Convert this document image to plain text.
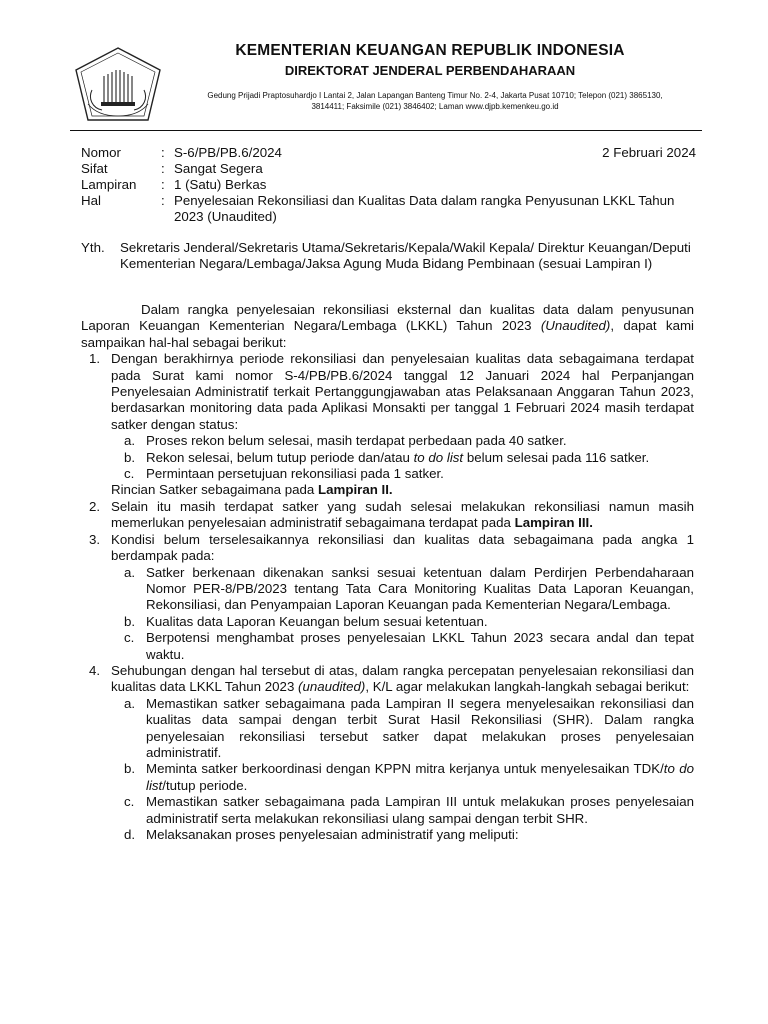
KEMENTERIAN KEUANGAN REPUBLIK INDONESIA
DIREKTORAT JENDERAL PERBENDAHARAAN
Gedung Prijadi Praptosuhardjo I Lantai 2, Jalan Lapangan Banteng Timur No. 2-4, Jakarta Pusat 10710; Telepon (021) 3865130,
3814411; Faksimile (021) 3846402; Laman www.djpb.kemenkeu.go.id
Nomor	: S-6/PB/PB.6/2024	2 Februari 2024
Sifat	: Sangat Segera
Lampiran : 1 (Satu) Berkas
Hal	: Penyelesaian Rekonsiliasi dan Kualitas Data dalam rangka Penyusunan LKKL Tahun 2023 (Unaudited)
Yth. Sekretaris Jenderal/Sekretaris Utama/Sekretaris/Kepala/Wakil Kepala/ Direktur Keuangan/Deputi Kementerian Negara/Lembaga/Jaksa Agung Muda Bidang Pembinaan (sesuai Lampiran I)

Dalam rangka penyelesaian rekonsiliasi eksternal dan kualitas data dalam penyusunan Laporan Keuangan Kementerian Negara/Lembaga (LKKL) Tahun 2023 (Unaudited), dapat kami sampaikan hal-hal sebagai berikut:

1. Dengan berakhirnya periode rekonsiliasi dan penyelesaian kualitas data sebagaimana terdapat pada Surat kami nomor S-4/PB/PB.6/2024 tanggal 12 Januari 2024 hal Perpanjangan Penyelesaian Administratif terkait Pertanggungjawaban atas Pelaksanaan Anggaran Tahun 2023, berdasarkan monitoring data pada Aplikasi Monsakti per tanggal 1 Februari 2024 masih terdapat satker dengan status:

a. Proses rekon belum selesai, masih terdapat perbedaan pada 40 satker.
b. Rekon selesai, belum tutup periode dan/atau to do list belum selesai pada 116 satker.
c. Permintaan persetujuan rekonsiliasi pada 1 satker.

Rincian Satker sebagaimana pada Lampiran II.

2. Selain itu masih terdapat satker yang sudah selesai melakukan rekonsiliasi namun masih memerlukan penyelesaian administratif sebagaimana terdapat pada Lampiran III.

3. Kondisi belum terselesaikannya rekonsiliasi dan kualitas data sebagaimana pada angka 1 berdampak pada:

a. Satker berkenaan dikenakan sanksi sesuai ketentuan dalam Perdirjen Perbendaharaan Nomor PER-8/PB/2023 tentang Tata Cara Monitoring Kualitas Data Laporan Keuangan, Rekonsiliasi, dan Penyampaian Laporan Keuangan pada Kementerian Negara/Lembaga.
b. Kualitas data Laporan Keuangan belum sesuai ketentuan.
c. Berpotensi menghambat proses penyelesaian LKKL Tahun 2023 secara andal dan tepat waktu.
4. Sehubungan dengan hal tersebut di atas, dalam rangka percepatan penyelesaian rekonsiliasi dan kualitas data LKKL Tahun 2023 (unaudited), K/L agar melakukan langkah-langkah sebagai berikut:

a. Memastikan satker sebagaimana pada Lampiran II segera menyelesaikan rekonsiliasi dan kualitas data sampai dengan terbit Surat Hasil Rekonsiliasi (SHR). Dalam rangka penyelesaian rekonsiliasi tersebut satker dapat melakukan proses penyelesaian administratif.
b. Meminta satker berkoordinasi dengan KPPN mitra kerjanya untuk menyelesaikan TDK/to do list/tutup periode.
c. Memastikan satker sebagaimana pada Lampiran III untuk melakukan proses penyelesaian administratif serta melakukan rekonsiliasi ulang sampai dengan terbit SHR.
d. Melaksanakan proses penyelesaian administratif yang meliputi:
